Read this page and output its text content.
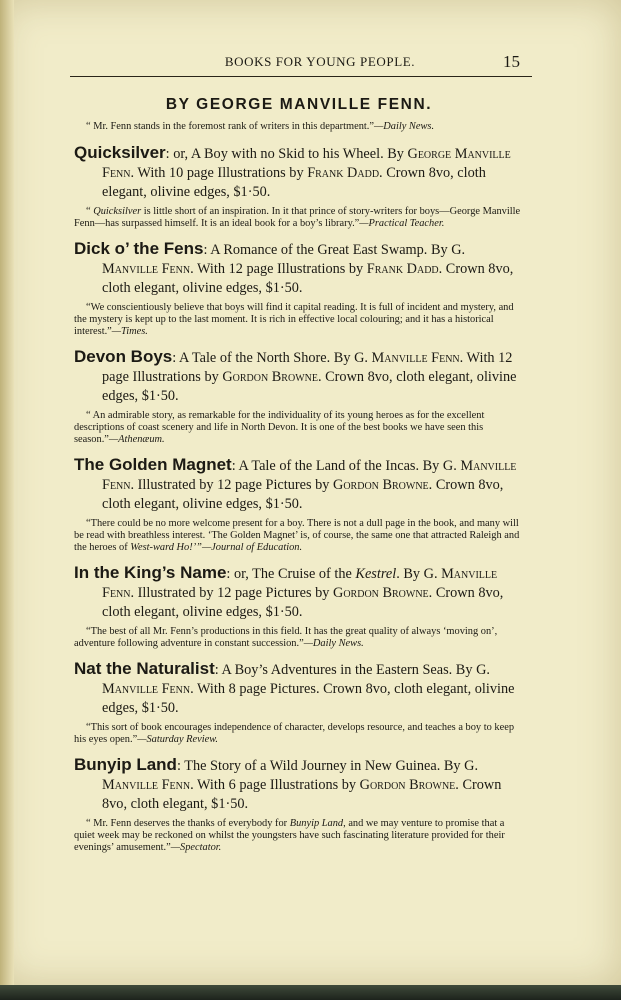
BOOKS FOR YOUNG PEOPLE.	15
BY GEORGE MANVILLE FENN.
“ Mr. Fenn stands in the foremost rank of writers in this department.”—Daily News.
Quicksilver: or, A Boy with no Skid to his Wheel. By George Manville Fenn. With 10 page Illustrations by Frank Dadd. Crown 8vo, cloth elegant, olivine edges, $1·50.
“ Quicksilver is little short of an inspiration. In it that prince of story-writers for boys—George Manville Fenn—has surpassed himself. It is an ideal book for a boy’s library.”—Practical Teacher.
Dick o’ the Fens: A Romance of the Great East Swamp. By G. Manville Fenn. With 12 page Illustrations by Frank Dadd. Crown 8vo, cloth elegant, olivine edges, $1·50.
“We conscientiously believe that boys will find it capital reading. It is full of incident and mystery, and the mystery is kept up to the last moment. It is rich in effective local colouring; and it has a historical interest.”—Times.
Devon Boys: A Tale of the North Shore. By G. Manville Fenn. With 12 page Illustrations by Gordon Browne. Crown 8vo, cloth elegant, olivine edges, $1·50.
“ An admirable story, as remarkable for the individuality of its young heroes as for the excellent descriptions of coast scenery and life in North Devon. It is one of the best books we have seen this season.”—Athenæum.
The Golden Magnet: A Tale of the Land of the Incas. By G. Manville Fenn. Illustrated by 12 page Pictures by Gordon Browne. Crown 8vo, cloth elegant, olivine edges, $1·50.
“There could be no more welcome present for a boy. There is not a dull page in the book, and many will be read with breathless interest. ‘The Golden Magnet’ is, of course, the same one that attracted Raleigh and the heroes of West-ward Ho!’”—Journal of Education.
In the King’s Name: or, The Cruise of the Kestrel. By G. Manville Fenn. Illustrated by 12 page Pictures by Gordon Browne. Crown 8vo, cloth elegant, olivine edges, $1·50.
“The best of all Mr. Fenn’s productions in this field. It has the great quality of always ‘moving on’, adventure following adventure in constant succession.”—Daily News.
Nat the Naturalist: A Boy’s Adventures in the Eastern Seas. By G. Manville Fenn. With 8 page Pictures. Crown 8vo, cloth elegant, olivine edges, $1·50.
“This sort of book encourages independence of character, develops resource, and teaches a boy to keep his eyes open.”—Saturday Review.
Bunyip Land: The Story of a Wild Journey in New Guinea. By G. Manville Fenn. With 6 page Illustrations by Gordon Browne. Crown 8vo, cloth elegant, $1·50.
“ Mr. Fenn deserves the thanks of everybody for Bunyip Land, and we may venture to promise that a quiet week may be reckoned on whilst the youngsters have such fascinating literature provided for their evenings’ amusement.”—Spectator.
